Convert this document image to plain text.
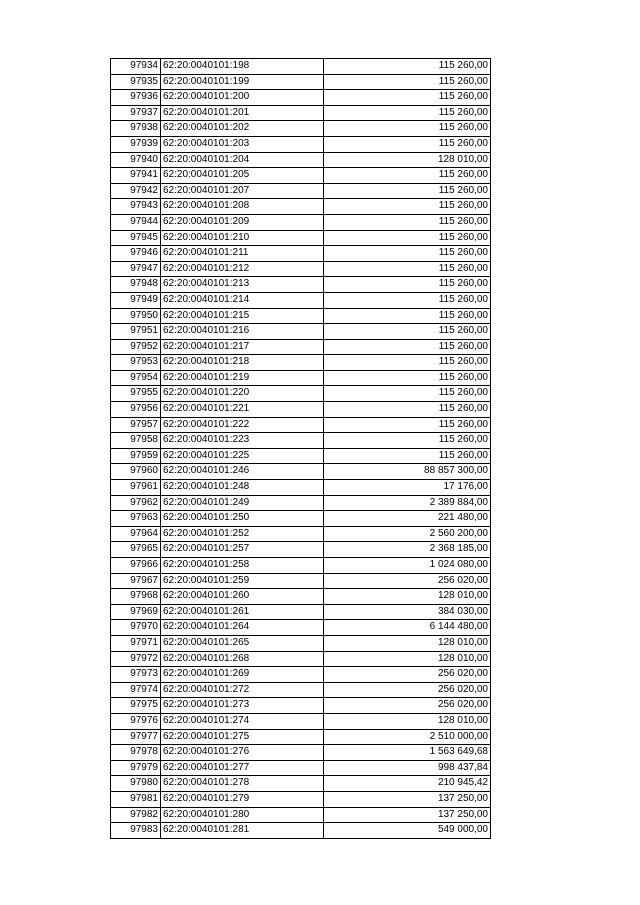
97934	62:20:0040101:198	115 260,00
97935	62:20:0040101:199	115 260,00
97936	62:20:0040101:200	115 260,00
97937	62:20:0040101:201	115 260,00
97938	62:20:0040101:202	115 260,00
97939	62:20:0040101:203	115 260,00
97940	62:20:0040101:204	128 010,00
97941	62:20:0040101:205	115 260,00
97942	62:20:0040101:207	115 260,00
97943	62:20:0040101:208	115 260,00
97944	62:20:0040101:209	115 260,00
97945	62:20:0040101:210	115 260,00
97946	62:20:0040101:211	115 260,00
97947	62:20:0040101:212	115 260,00
97948	62:20:0040101:213	115 260,00
97949	62:20:0040101:214	115 260,00
97950	62:20:0040101:215	115 260,00
97951	62:20:0040101:216	115 260,00
97952	62:20:0040101:217	115 260,00
97953	62:20:0040101:218	115 260,00
97954	62:20:0040101:219	115 260,00
97955	62:20:0040101:220	115 260,00
97956	62:20:0040101:221	115 260,00
97957	62:20:0040101:222	115 260,00
97958	62:20:0040101:223	115 260,00
97959	62:20:0040101:225	115 260,00
97960	62:20:0040101:246	88 857 300,00
97961	62:20:0040101:248	17 176,00
97962	62:20:0040101:249	2 389 884,00
97963	62:20:0040101:250	221 480,00
97964	62:20:0040101:252	2 560 200,00
97965	62:20:0040101:257	2 368 185,00
97966	62:20:0040101:258	1 024 080,00
97967	62:20:0040101:259	256 020,00
97968	62:20:0040101:260	128 010,00
97969	62:20:0040101:261	384 030,00
97970	62:20:0040101:264	6 144 480,00
97971	62:20:0040101:265	128 010,00
97972	62:20:0040101:268	128 010,00
97973	62:20:0040101:269	256 020,00
97974	62:20:0040101:272	256 020,00
97975	62:20:0040101:273	256 020,00
97976	62:20:0040101:274	128 010,00
97977	62:20:0040101:275	2 510 000,00
97978	62:20:0040101:276	1 563 649,68
97979	62:20:0040101:277	998 437,84
97980	62:20:0040101:278	210 945,42
97981	62:20:0040101:279	137 250,00
97982	62:20:0040101:280	137 250,00
97983	62:20:0040101:281	549 000,00
